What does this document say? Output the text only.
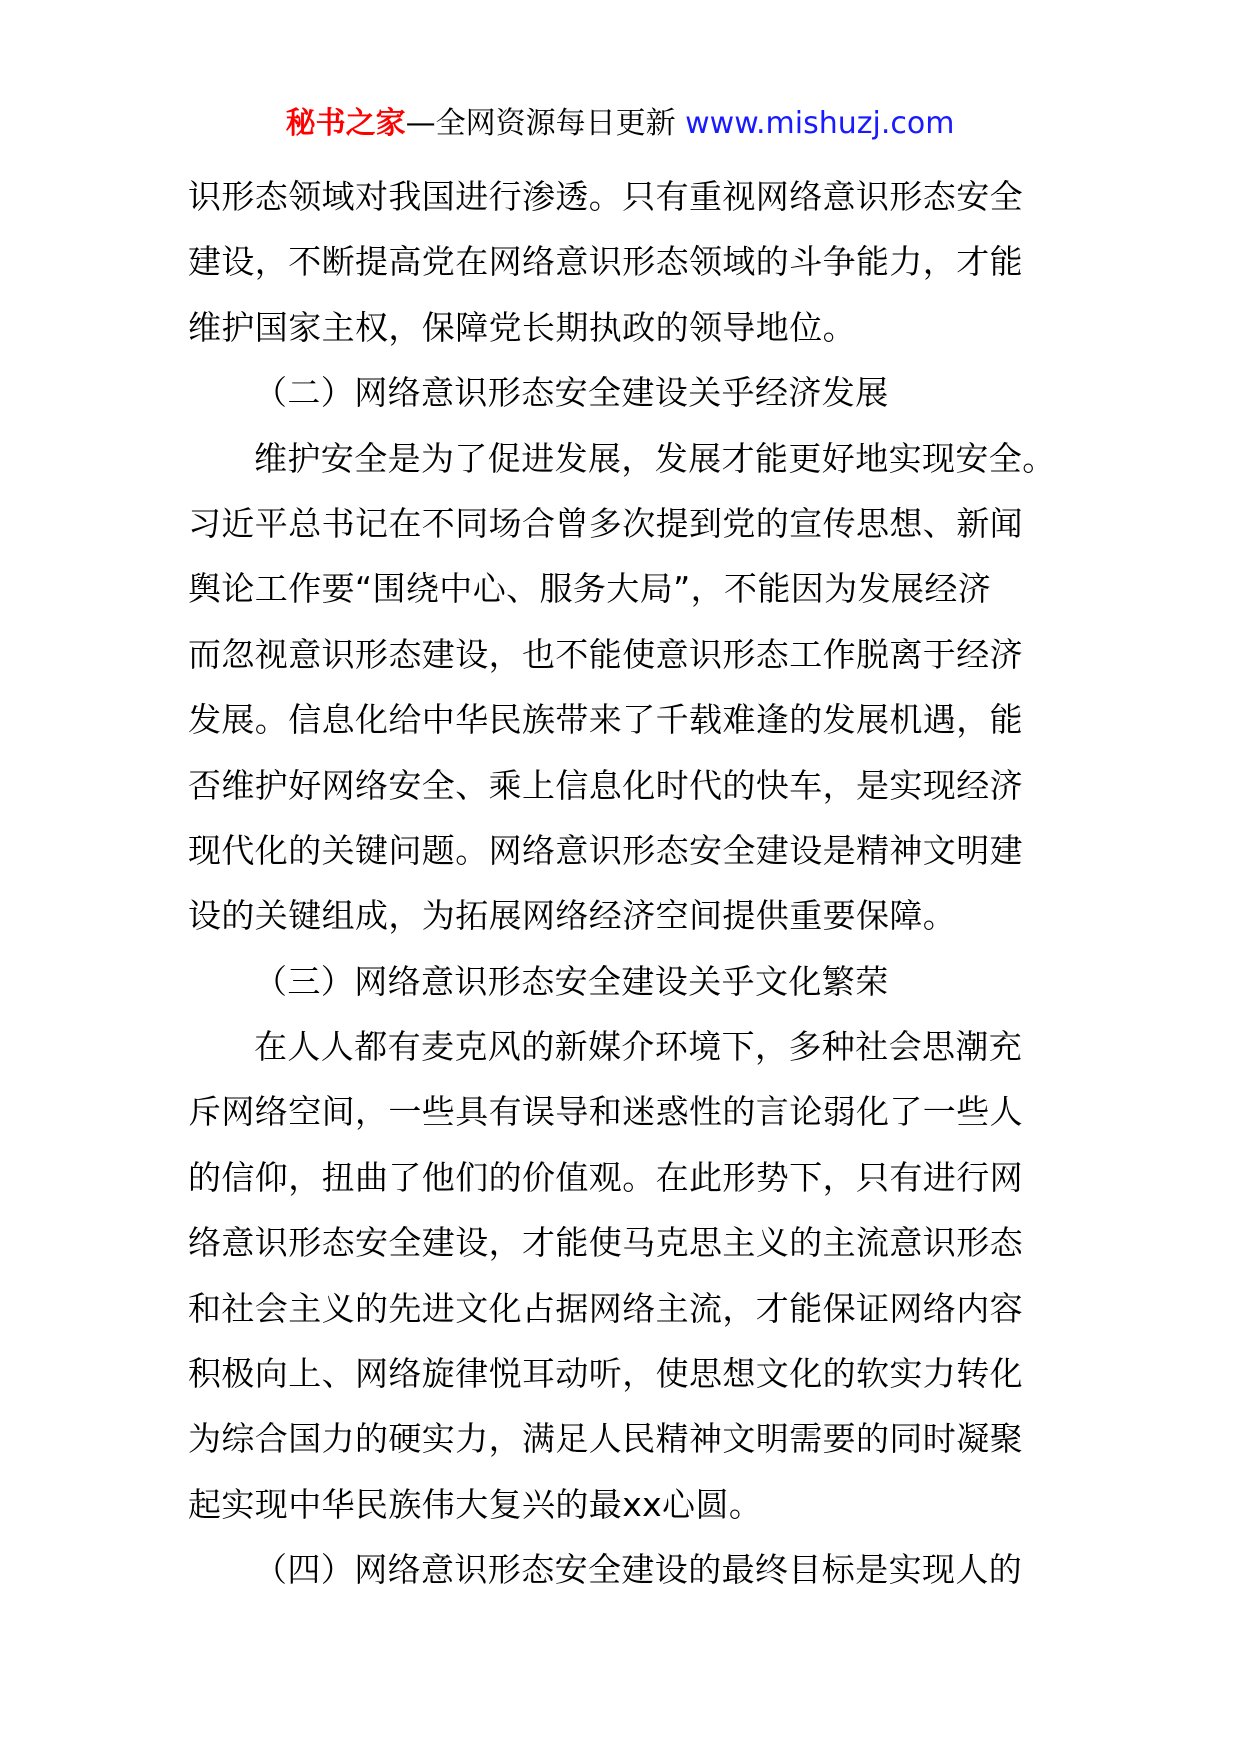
秘书之家—全网资源每日更新 www.mishuzj.com
识形态领域对我国进行渗透。只有重视网络意识形态安全
建设，不断提高党在网络意识形态领域的斗争能力，才能
维护国家主权，保障党长期执政的领导地位。
（二）网络意识形态安全建设关乎经济发展
维护安全是为了促进发展，发展才能更好地实现安全。
习近平总书记在不同场合曾多次提到党的宣传思想、新闻
舆论工作要“围绕中心、服务大局”，不能因为发展经济
而忽视意识形态建设，也不能使意识形态工作脱离于经济
发展。信息化给中华民族带来了千载难逢的发展机遇，能
否维护好网络安全、乘上信息化时代的快车，是实现经济
现代化的关键问题。网络意识形态安全建设是精神文明建
设的关键组成，为拓展网络经济空间提供重要保障。
（三）网络意识形态安全建设关乎文化繁荣
在人人都有麦克风的新媒介环境下，多种社会思潮充
斥网络空间，一些具有误导和迷惑性的言论弱化了一些人
的信仰，扭曲了他们的价值观。在此形势下，只有进行网
络意识形态安全建设，才能使马克思主义的主流意识形态
和社会主义的先进文化占据网络主流，才能保证网络内容
积极向上、网络旋律悦耳动听，使思想文化的软实力转化
为综合国力的硬实力，满足人民精神文明需要的同时凝聚
起实现中华民族伟大复兴的最xx心圆。
（四）网络意识形态安全建设的最终目标是实现人的
